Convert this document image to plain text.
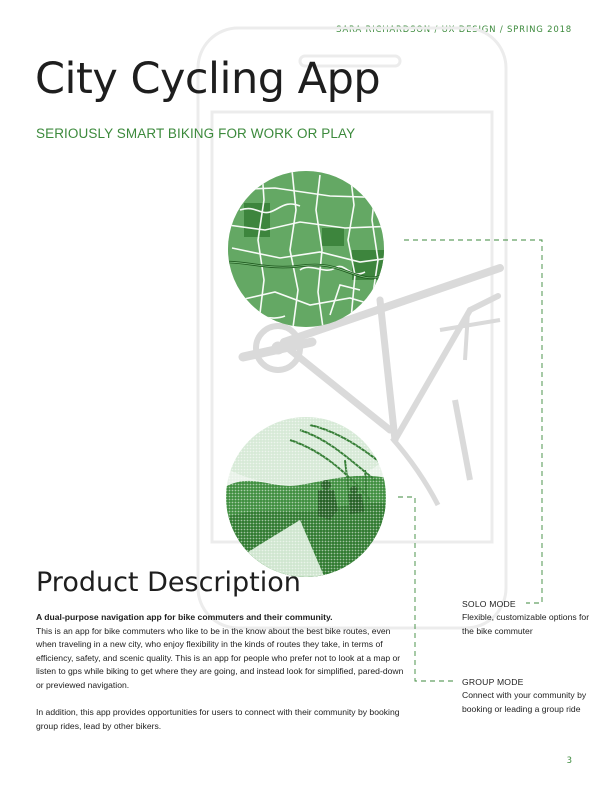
SARA RICHARDSON / UX DESIGN / SPRING 2018
City Cycling App
SERIOUSLY SMART BIKING FOR WORK OR PLAY
Product Description

A dual-purpose navigation app for bike commuters and their community.
This is an app for bike commuters who like to be in the know about the best bike routes, even when traveling in a new city, who enjoy flexibility in the kinds of routes they take, in terms of efficiency, safety, and scenic quality. This is an app for people who prefer not to look at a map or listen to gps while biking to get where they are going, and instead look for simplified, pared-down or previewed navigation.

In addition, this app provides opportunities for users to connect with their community by booking group rides, lead by other bikers.

SOLO MODE
Flexible, customizable options for the bike commuter
GROUP MODE
Connect with your community by booking or leading a group ride
3
